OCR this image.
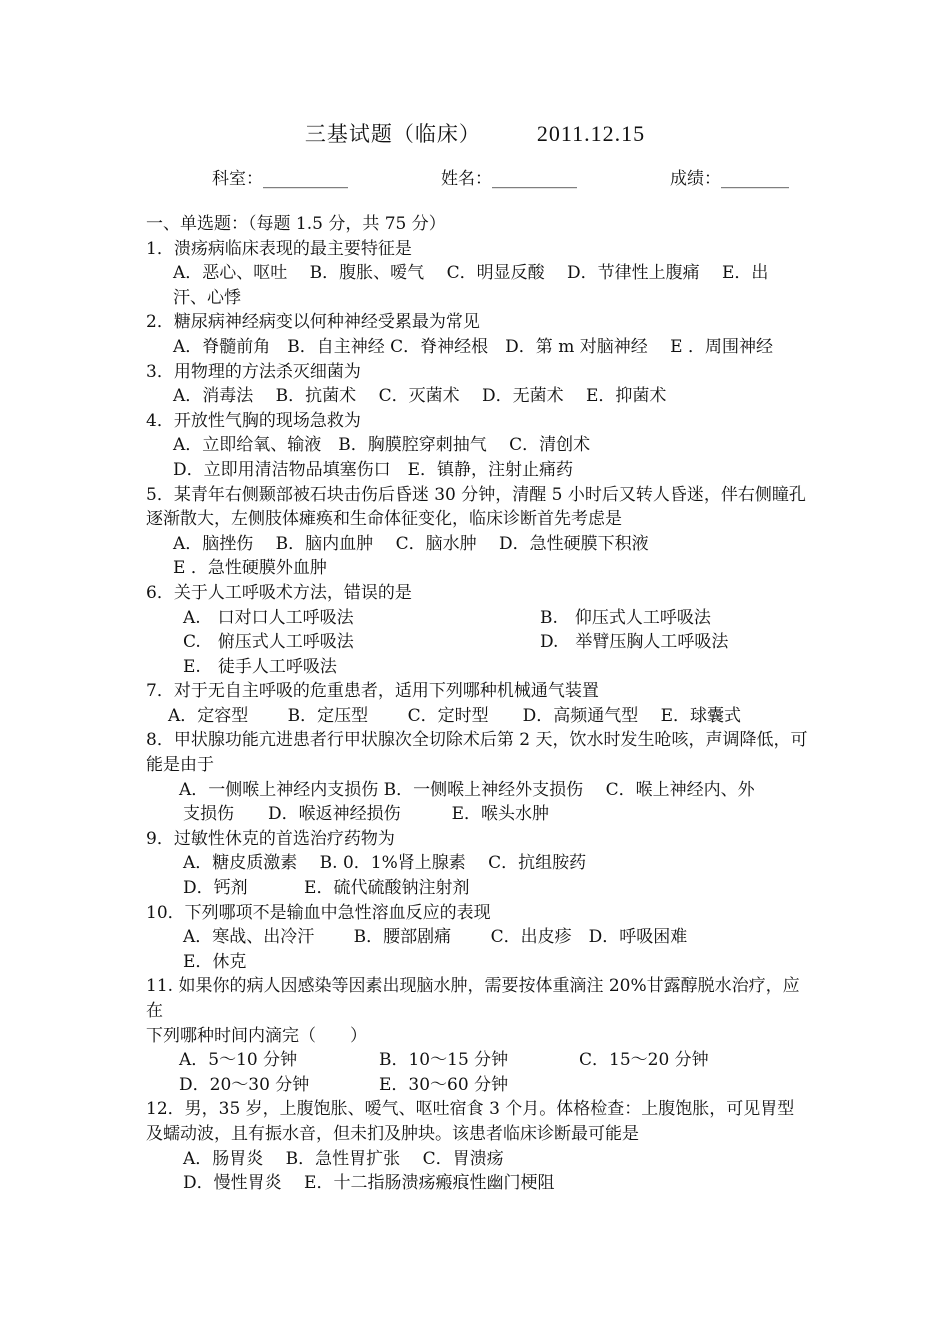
三基试题（临床）	2011.12.15
科室：__________	姓名：__________	成绩：________
一、单选题：（每题 1.5 分，共 75 分）
1．溃疡病临床表现的最主要特征是
A．恶心、呕吐　 B．腹胀、嗳气　 C．明显反酸　 D．节律性上腹痛　 E．出
汗、心悸
2．糖尿病神经病变以何种神经受累最为常见
A．脊髓前角　B．自主神经 C．脊神经根　D．第 m 对脑神经　 E ．周围神经
3．用物理的方法杀灭细菌为
A．消毒法　 B．抗菌术　 C．灭菌术　 D．无菌术　 E．抑菌术
4．开放性气胸的现场急救为
A．立即给氧、输液　B．胸膜腔穿刺抽气　 C．清创术
D．立即用清洁物品填塞伤口　E．镇静，注射止痛药
5．某青年右侧颞部被石块击伤后昏迷 30 分钟，清醒 5 小时后又转人昏迷，伴右侧瞳孔逐渐散大，左侧肢体瘫痪和生命体征变化，临床诊断首先考虑是
A．脑挫伤　 B．脑内血肿　 C．脑水肿　 D．急性硬膜下积液
E ．急性硬膜外血肿
6．关于人工呼吸术方法，错误的是
A.　口对口人工呼吸法	B.　仰压式人工呼吸法
C.　俯压式人工呼吸法	D.　举臂压胸人工呼吸法
E.　徒手人工呼吸法
7．对于无自主呼吸的危重患者，适用下列哪种机械通气装置
A．定容型　　 B．定压型　　 C．定时型　　D．高频通气型　 E．球囊式
8．甲状腺功能亢进患者行甲状腺次全切除术后第 2 天，饮水时发生呛咳，声调降低，可能是由于
A．一侧喉上神经内支损伤 B．一侧喉上神经外支损伤　 C．喉上神经内、外
支损伤　　D．喉返神经损伤　　　E．喉头水肿
9．过敏性休克的首选治疗药物为
A．糖皮质激素　 B. 0．1%肾上腺素　 C．抗组胺药
D．钙剂　　　 E．硫代硫酸钠注射剂
10．下列哪项不是输血中急性溶血反应的表现
A．寒战、出冷汗　　 B．腰部剧痛　　 C．出皮疹　D．呼吸困难
E．休克
11. 如果你的病人因感染等因素出现脑水肿，需要按体重滴注 20%甘露醇脱水治疗，应在
下列哪种时间内滴完（　　）
A．5～10 分钟	B．10～15 分钟	C．15～20 分钟
D．20～30 分钟	E．30～60 分钟
12．男，35 岁，上腹饱胀、嗳气、呕吐宿食 3 个月。体格检查：上腹饱胀，可见胃型及蠕动波，且有振水音，但未扪及肿块。该患者临床诊断最可能是
A．肠胃炎　 B．急性胃扩张　 C．胃溃疡
D．慢性胃炎　 E．十二指肠溃疡瘢痕性幽门梗阻
